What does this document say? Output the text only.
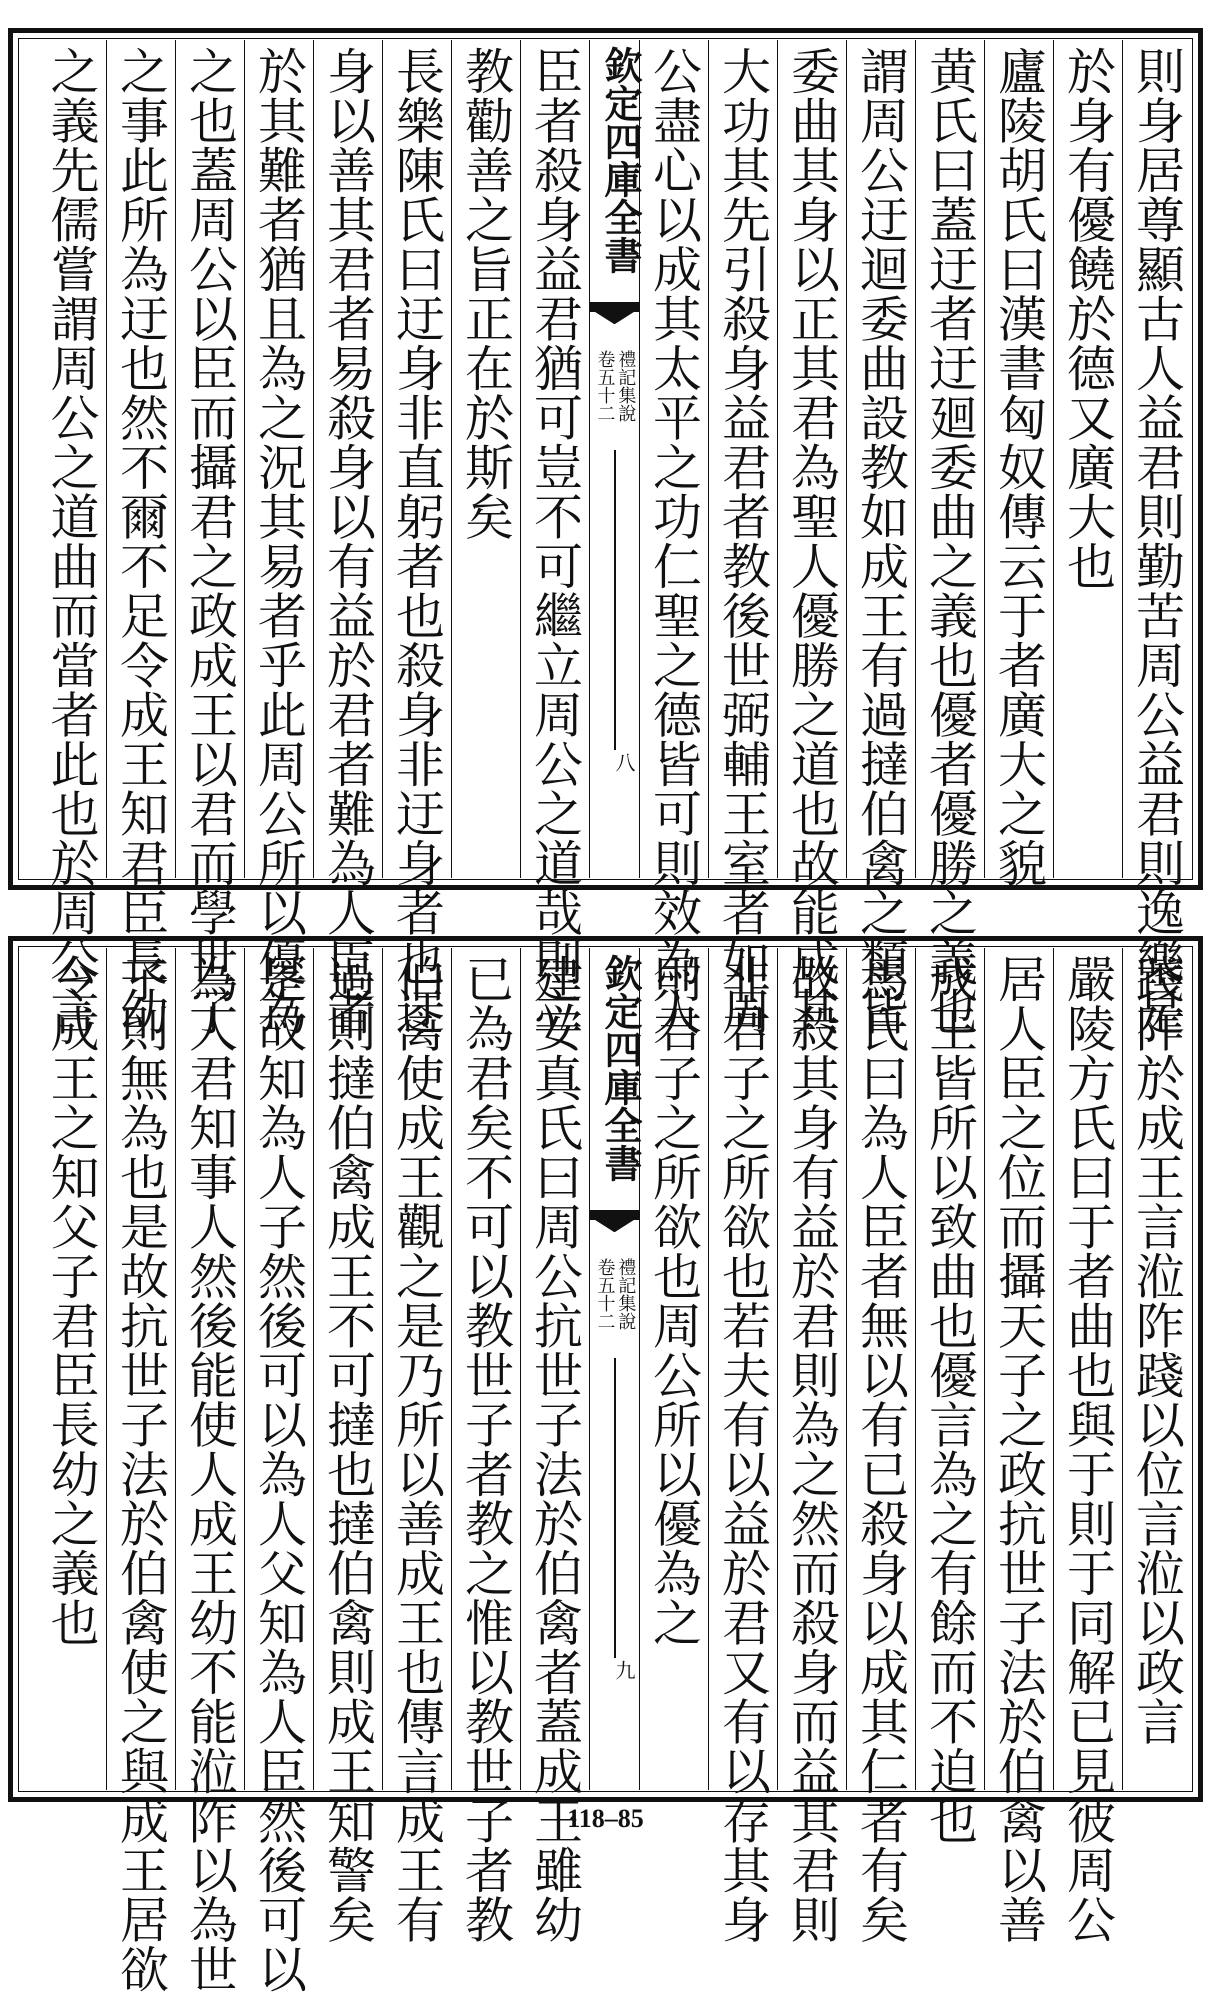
則身居尊顯古人益君則勤苦周公益君則逸樂是
於身有優饒於德又廣大也
廬陵胡氏曰漢書匈奴傳云于者廣大之貌
黄氏曰蓋迂者迂廻委曲之義也優者優勝之義也
謂周公迂迴委曲設教如成王有過撻伯禽之類皆
委曲其身以正其君為聖人優勝之道也故能成其
大功其先引殺身益君者教後世弼輔王室者如周
公盡心以成其太平之功仁聖之德皆可則效為人
欽定四庫全書
禮記集說
卷五十二
八
臣者殺身益君猶可豈不可繼立周公之道哉則立
教勸善之旨正在於斯矣
長樂陳氏曰迂身非直躬者也殺身非迂身者也迂
身以善其君者易殺身以有益於君者難為人臣者
於其難者猶且為之況其易者乎此周公所以優為
之也蓋周公以臣而攝君之政成王以君而學世子
之事此所為迂也然不爾不足令成王知君臣長幼
之義先儒嘗謂周公之道曲而當者此也於周公言
踐阼於成王言涖阼踐以位言涖以政言
嚴陵方氏曰于者曲也與于則于同解已見彼周公
居人臣之位而攝天子之政抗世子法於伯禽以善
成王皆所以致曲也優言為之有餘而不迫也
馬氏曰為人臣者無以有已殺身以成其仁者有矣
故殺其身有益於君則為之然而殺身而益其君則
非君子之所欲也若夫有以益於君又有以存其身
則君子之所欲也周公所以優為之
欽定四庫全書
禮記集說
卷五十二
九
建安真氏曰周公抗世子法於伯禽者蓋成王雖幼
已為君矣不可以教世子者教之惟以教世子者教
伯禽使成王觀之是乃所以善成王也傳言成王有
過則撻伯禽成王不可撻也撻伯禽則成王知警矣
是故知為人子然後可以為人父知為人臣然後可以
為人君知事人然後能使人成王幼不能涖阼以為世
子則無為也是故抗世子法於伯禽使之與成王居欲
令成王之知父子君臣長幼之義也
118–85
